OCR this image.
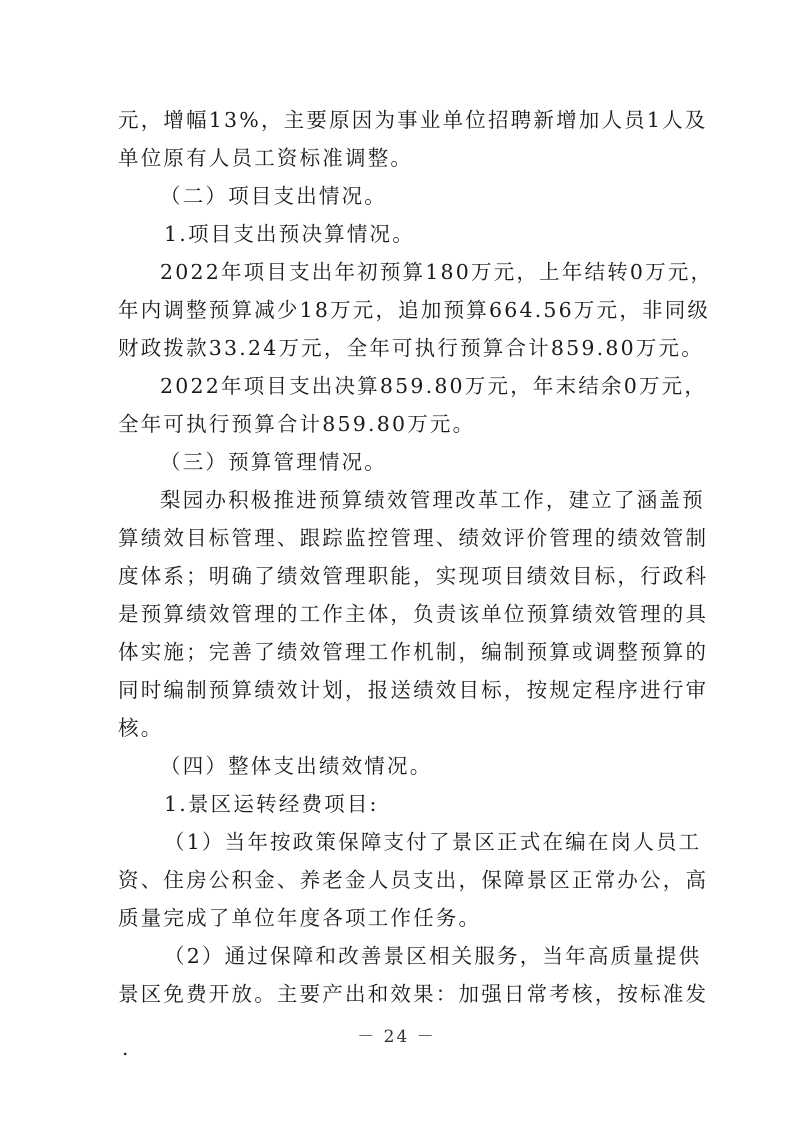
元，增幅13%，主要原因为事业单位招聘新增加人员1人及
单位原有人员工资标准调整。
（二）项目支出情况。
1.项目支出预决算情况。
2022年项目支出年初预算180万元，上年结转0万元，
年内调整预算减少18万元，追加预算664.56万元，非同级
财政拨款33.24万元，全年可执行预算合计859.80万元。
2022年项目支出决算859.80万元，年末结余0万元，
全年可执行预算合计859.80万元。
（三）预算管理情况。
梨园办积极推进预算绩效管理改革工作，建立了涵盖预
算绩效目标管理、跟踪监控管理、绩效评价管理的绩效管制
度体系；明确了绩效管理职能，实现项目绩效目标，行政科
是预算绩效管理的工作主体，负责该单位预算绩效管理的具
体实施；完善了绩效管理工作机制，编制预算或调整预算的
同时编制预算绩效计划，报送绩效目标，按规定程序进行审
核。
（四）整体支出绩效情况。
1.景区运转经费项目:
（1）当年按政策保障支付了景区正式在编在岗人员工
资、住房公积金、养老金人员支出，保障景区正常办公，高
质量完成了单位年度各项工作任务。
（2）通过保障和改善景区相关服务，当年高质量提供
景区免费开放。主要产出和效果：加强日常考核，按标准发
－ 24 －
.
